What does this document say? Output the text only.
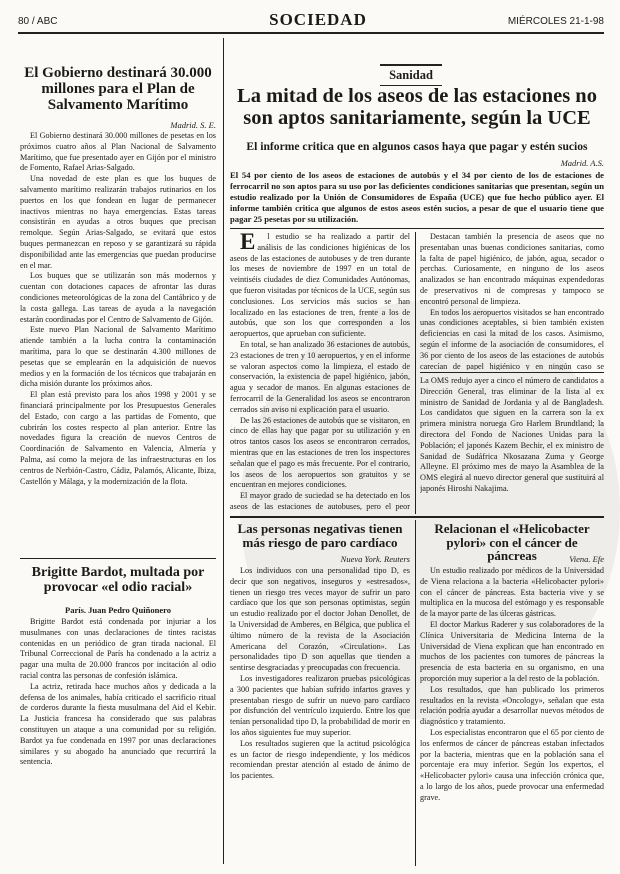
80 / ABC	SOCIEDAD	MIÉRCOLES 21-1-98
El Gobierno destinará 30.000 millones para el Plan de Salvamento Marítimo
Madrid. S. E.

El Gobierno destinará 30.000 millones de pesetas en los próximos cuatro años al Plan Nacional de Salvamento Marítimo, que fue presentado ayer en Gijón por el ministro de Fomento, Rafael Arias-Salgado.

Una novedad de este plan es que los buques de salvamento marítimo realizarán trabajos rutinarios en los puertos en los que fondean en lugar de permanecer inactivos mientras no haya emergencias. Estas tareas consistirán en ayudas a otros buques que precisan remolque. Según Arias-Salgado, se evitará que estos buques permanezcan en reposo y se garantizará su rápida disponibilidad ante las emergencias que puedan producirse en el mar.

Los buques que se utilizarán son más modernos y cuentan con dotaciones capaces de afrontar las duras condiciones meteorológicas de la zona del Cantábrico y de la costa gallega. Las tareas de ayuda a la navegación estarán coordinadas por el Centro de Salvamento de Gijón.

Este nuevo Plan Nacional de Salvamento Marítimo atiende también a la lucha contra la contaminación marítima, para lo que se destinarán 4.300 millones de pesetas que se emplearán en la adquisición de nuevos medios y en la formación de los técnicos que trabajarán en dicha misión durante los próximos años.

El plan está previsto para los años 1998 y 2001 y se financiará principalmente por los Presupuestos Generales del Estado, con cargo a las partidas de Fomento, que cubrirán los costes respecto al plan anterior. Entre las novedades figura la creación de nuevos Centros de Coordinación de Salvamento en Valencia, Almería y Palma, así como la mejora de las infraestructuras en los centros de Nerbión-Castro, Cádiz, Palamós, Alicante, Ibiza, Castellón y Málaga, y la modernización de la flota.

Brigitte Bardot, multada por provocar «el odio racial»
París. Juan Pedro Quiñonero

Brigitte Bardot está condenada por injuriar a los musulmanes con unas declaraciones de tintes racistas contenidas en un periódico de gran tirada nacional. El Tribunal Correccional de París ha condenado a la actriz a pagar una multa de 20.000 francos por incitación al odio racial contra las personas de confesión islámica.

La actriz, retirada hace muchos años y dedicada a la defensa de los animales, había criticado el sacrificio ritual de corderos durante la fiesta musulmana del Aid el Kebir. La Justicia francesa ha considerado que sus palabras constituyen un ataque a una comunidad por su religión. Bardot ya fue condenada en 1997 por unas declaraciones similares y su abogado ha anunciado que recurrirá la sentencia.

Sanidad
La mitad de los aseos de las estaciones no son aptos sanitariamente, según la UCE
El informe critica que en algunos casos haya que pagar y estén sucios
Madrid. A.S.
El 54 por ciento de los aseos de estaciones de autobús y el 34 por ciento de los de estaciones de ferrocarril no son aptos para su uso por las deficientes condiciones sanitarias que presentan, según un estudio realizado por la Unión de Consumidores de España (UCE) que fue hecho público ayer. El informe también critica que algunos de estos aseos estén sucios, a pesar de que el usuario tiene que pagar 25 pesetas por su utilización.

El estudio se ha realizado a partir del análisis de las condiciones higiénicas de los aseos de las estaciones de autobuses y de tren durante los meses de noviembre de 1997 en un total de veintiséis ciudades de diez Comunidades Autónomas, que fueron visitadas por técnicos de la UCE, según sus conclusiones. Los servicios más sucios se han localizado en las estaciones de tren, frente a los de autobús, que son los que corresponden a los aeropuertos, que aprueban con suficiente.

En total, se han analizado 36 estaciones de autobús, 23 estaciones de tren y 10 aeropuertos, y en el informe se valoran aspectos como la limpieza, el estado de conservación, la existencia de papel higiénico, jabón, agua y secador de manos. En algunas estaciones de ferrocarril de la Generalidad los aseos se encontraron cerrados sin aviso ni explicación para el usuario.

De las 26 estaciones de autobús que se visitaron, en cinco de ellas hay que pagar por su utilización y en otros tantos casos los aseos se encontraron cerrados, mientras que en las estaciones de tren los inspectores señalan que el pago es más frecuente. Por el contrario, los aseos de los aeropuertos son gratuitos y se encuentran en mejores condiciones.

El mayor grado de suciedad se ha detectado en los aseos de las estaciones de autobuses, pero el peor

Destacan también la presencia de aseos que no presentaban unas buenas condiciones sanitarias, como la falta de papel higiénico, de jabón, agua, secador o perchas. Curiosamente, en ninguno de los aseos analizados se han encontrado máquinas expendedoras de preservativos ni de compresas y tampoco se encontró personal de limpieza.

En todos los aeropuertos visitados se han encontrado unas condiciones aceptables, si bien también existen deficiencias en casi la mitad de los casos. Asimismo, según el informe de la asociación de consumidores, el 36 por ciento de los aseos de las estaciones de autobús carecían de papel higiénico y en ningún caso se

La OMS redujo ayer a cinco el número de candidatos a Dirección General, tras eliminar de la lista al ex ministro de Sanidad de Jordania y al de Bangladesh. Los candidatos que siguen en la carrera son la ex primera ministra noruega Gro Harlem Brundtland; la directora del Fondo de Naciones Unidas para la Población; el japonés Kazem Bechir, el ex ministro de Sanidad de Sudáfrica Nkosazana Zuma y George Alleyne. El próximo mes de mayo la Asamblea de la OMS elegirá al nuevo director general que sustituirá al japonés Hiroshi Nakajima.
Las personas negativas tienen más riesgo de paro cardíaco
Nueva York. Reuters

Los individuos con una personalidad tipo D, es decir que son negativos, inseguros y «estresados», tienen un riesgo tres veces mayor de sufrir un paro cardíaco que los que son personas optimistas, según un estudio realizado por el doctor Johan Denollet, de la Universidad de Amberes, en Bélgica, que publica el último número de la revista de la Asociación Americana del Corazón, «Circulation». Las personalidades tipo D son aquellas que tienden a sentirse desgraciadas y preocupadas con frecuencia.

Los investigadores realizaron pruebas psicológicas a 300 pacientes que habían sufrido infartos graves y presentaban riesgo de sufrir un nuevo paro cardíaco por disfunción del ventrículo izquierdo. Entre los que tenían personalidad tipo D, la probabilidad de morir en los años siguientes fue muy superior.

Los resultados sugieren que la actitud psicológica es un factor de riesgo independiente, y los médicos recomiendan prestar atención al estado de ánimo de los pacientes.

Relacionan el «Helicobacter pylori» con el cáncer de páncreas	Viena. Efe

Un estudio realizado por médicos de la Universidad de Viena relaciona a la bacteria «Helicobacter pylori» con el cáncer de páncreas. Esta bacteria vive y se multiplica en la mucosa del estómago y es responsable de la mayor parte de las úlceras gástricas.

El doctor Markus Raderer y sus colaboradores de la Clínica Universitaria de Medicina Interna de la Universidad de Viena explican que han encontrado en muchos de los pacientes con tumores de páncreas la presencia de esta bacteria en su organismo, en una proporción muy superior a la del resto de la población.

Los resultados, que han publicado los primeros resultados en la revista «Oncology», señalan que esta relación podría ayudar a desarrollar nuevos métodos de diagnóstico y tratamiento.

Los especialistas encontraron que el 65 por ciento de los enfermos de cáncer de páncreas estaban infectados por la bacteria, mientras que en la población sana el porcentaje era muy inferior. Según los expertos, el «Helicobacter pylori» causa una infección crónica que, a lo largo de los años, puede provocar una enfermedad grave.
